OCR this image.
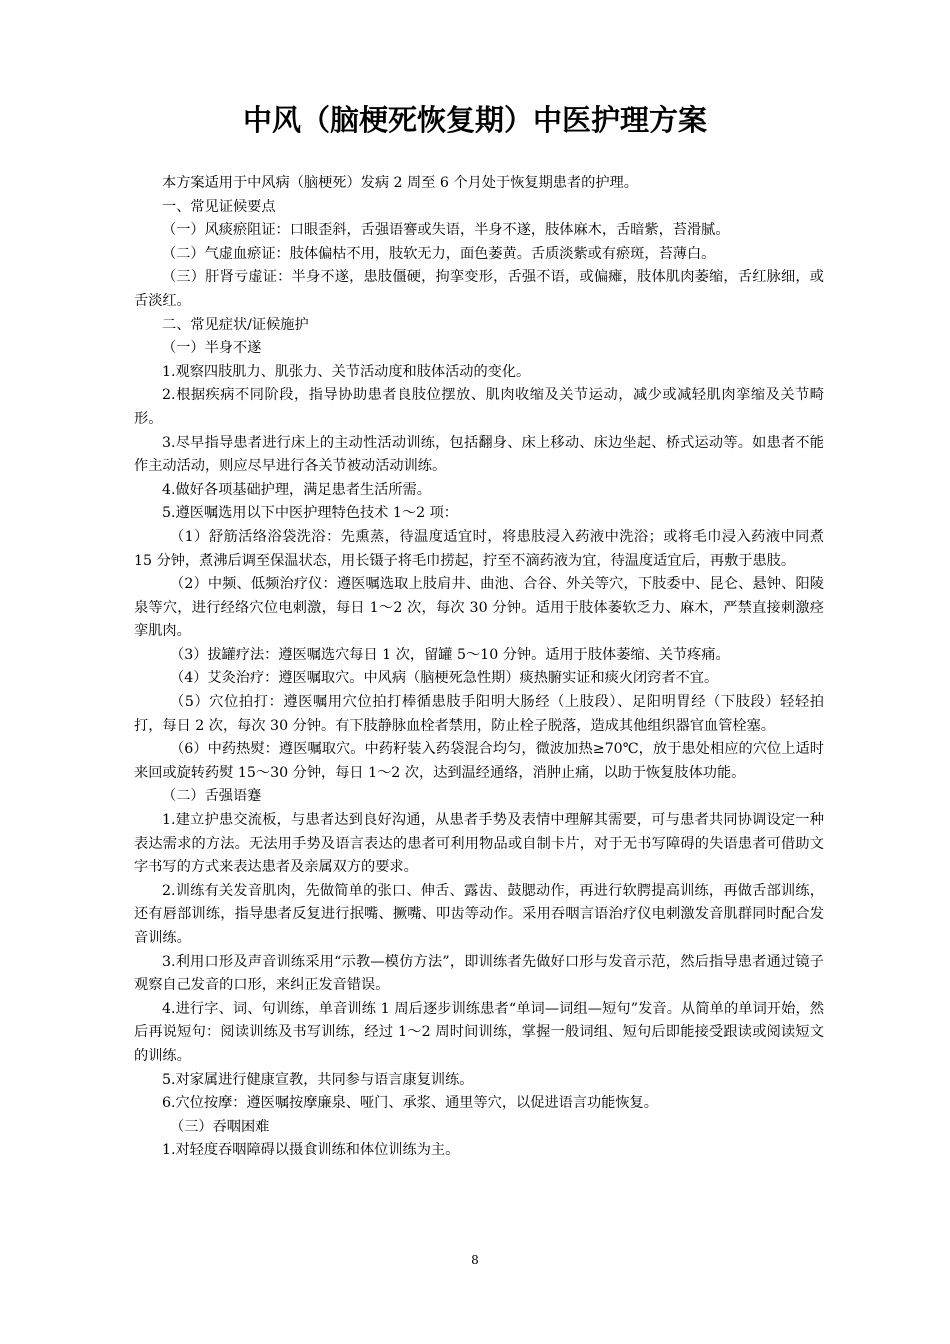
中风（脑梗死恢复期）中医护理方案

本方案适用于中风病（脑梗死）发病 2 周至 6 个月处于恢复期患者的护理。

一、常见证候要点

（一）风痰瘀阻证：口眼歪斜，舌强语謇或失语，半身不遂，肢体麻木，舌暗紫，苔滑腻。

（二）气虚血瘀证：肢体偏枯不用，肢软无力，面色萎黄。舌质淡紫或有瘀斑，苔薄白。

（三）肝肾亏虚证：半身不遂，患肢僵硬，拘挛变形，舌强不语，或偏瘫，肢体肌肉萎缩，舌红脉细，或舌淡红。

二、常见症状/证候施护

（一）半身不遂

1.观察四肢肌力、肌张力、关节活动度和肢体活动的变化。

2.根据疾病不同阶段，指导协助患者良肢位摆放、肌肉收缩及关节运动，减少或减轻肌肉挛缩及关节畸形。

3.尽早指导患者进行床上的主动性活动训练，包括翻身、床上移动、床边坐起、桥式运动等。如患者不能作主动活动，则应尽早进行各关节被动活动训练。

4.做好各项基础护理，满足患者生活所需。

5.遵医嘱选用以下中医护理特色技术 1～2 项：

（1）舒筋活络浴袋洗浴：先熏蒸，待温度适宜时，将患肢浸入药液中洗浴；或将毛巾浸入药液中同煮 15 分钟，煮沸后调至保温状态，用长镊子将毛巾捞起，拧至不滴药液为宜，待温度适宜后，再敷于患肢。

（2）中频、低频治疗仪：遵医嘱选取上肢肩井、曲池、合谷、外关等穴，下肢委中、昆仑、悬钟、阳陵泉等穴，进行经络穴位电刺激，每日 1～2 次，每次 30 分钟。适用于肢体萎软乏力、麻木，严禁直接刺激痉挛肌肉。

（3）拔罐疗法：遵医嘱选穴每日 1 次，留罐 5～10 分钟。适用于肢体萎缩、关节疼痛。

（4）艾灸治疗：遵医嘱取穴。中风病（脑梗死急性期）痰热腑实证和痰火闭窍者不宜。

（5）穴位拍打：遵医嘱用穴位拍打棒循患肢手阳明大肠经（上肢段）、足阳明胃经（下肢段）轻轻拍打，每日 2 次，每次 30 分钟。有下肢静脉血栓者禁用，防止栓子脱落，造成其他组织器官血管栓塞。

（6）中药热熨：遵医嘱取穴。中药籽装入药袋混合均匀，微波加热≥70℃，放于患处相应的穴位上适时来回或旋转药熨 15～30 分钟，每日 1～2 次，达到温经通络，消肿止痛，以助于恢复肢体功能。

（二）舌强语蹇

1.建立护患交流板，与患者达到良好沟通，从患者手势及表情中理解其需要，可与患者共同协调设定一种表达需求的方法。无法用手势及语言表达的患者可利用物品或自制卡片，对于无书写障碍的失语患者可借助文字书写的方式来表达患者及亲属双方的要求。

2.训练有关发音肌肉，先做简单的张口、伸舌、露齿、鼓腮动作，再进行软腭提高训练，再做舌部训练，还有唇部训练，指导患者反复进行抿嘴、撅嘴、叩齿等动作。采用吞咽言语治疗仪电刺激发音肌群同时配合发音训练。

3.利用口形及声音训练采用“示教—模仿方法”，即训练者先做好口形与发音示范，然后指导患者通过镜子观察自己发音的口形，来纠正发音错误。

4.进行字、词、句训练，单音训练 1 周后逐步训练患者“单词—词组—短句”发音。从简单的单词开始，然后再说短句：阅读训练及书写训练，经过 1～2 周时间训练，掌握一般词组、短句后即能接受跟读或阅读短文的训练。

5.对家属进行健康宣教，共同参与语言康复训练。

6.穴位按摩：遵医嘱按摩廉泉、哑门、承浆、通里等穴，以促进语言功能恢复。

（三）吞咽困难

1.对轻度吞咽障碍以摄食训练和体位训练为主。

8
